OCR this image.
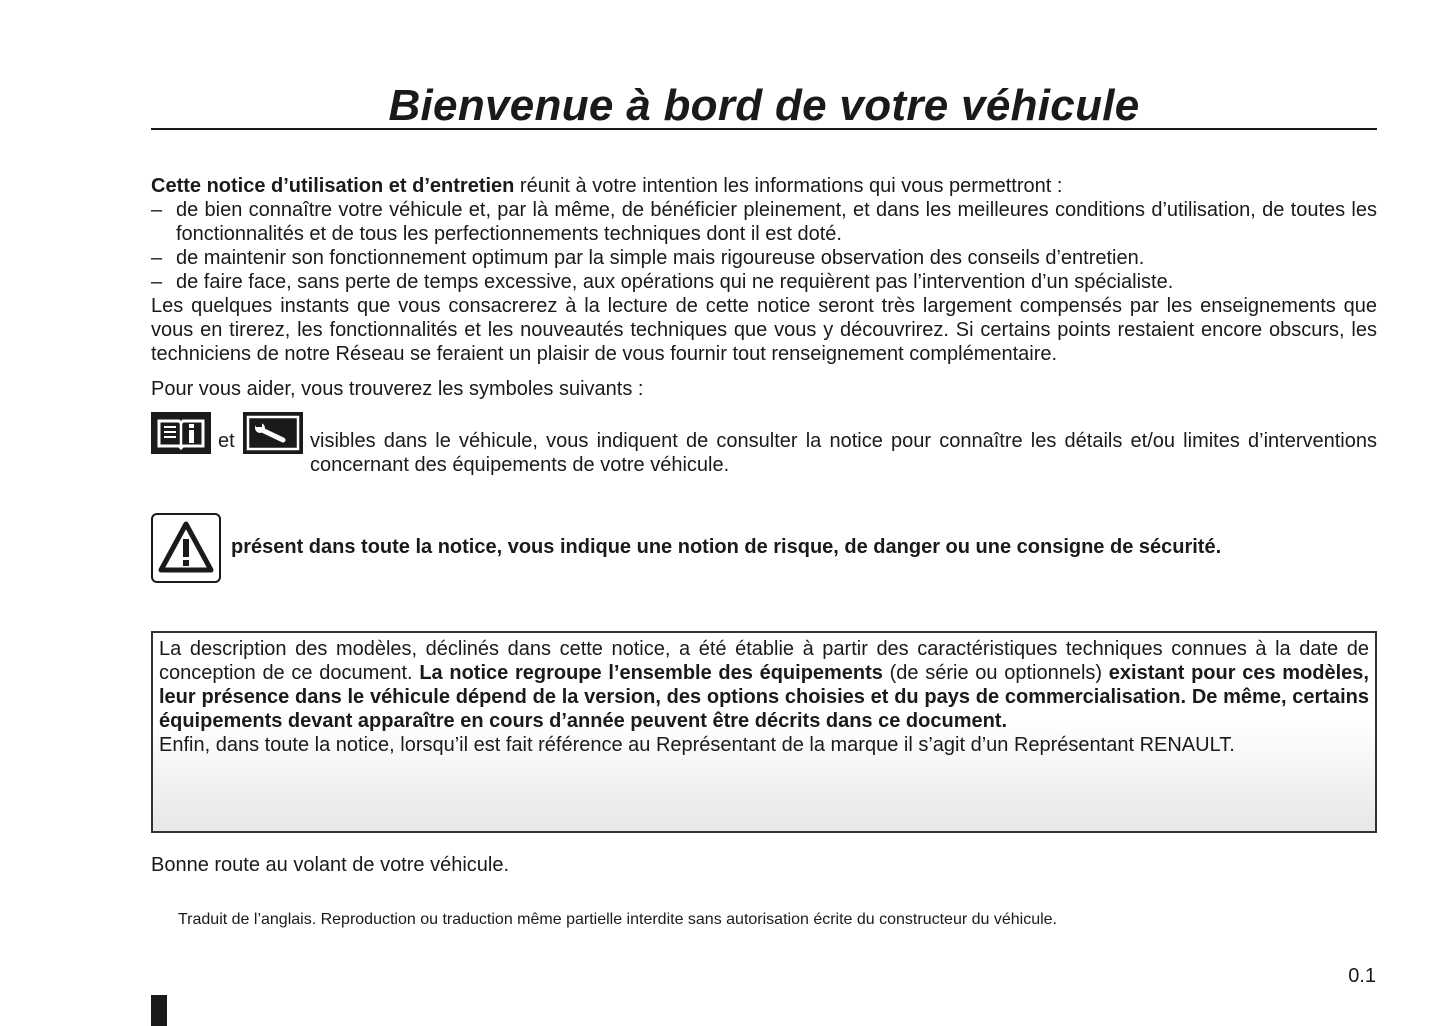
Bienvenue à bord de votre véhicule

Cette notice d’utilisation et d’entretien réunit à votre intention les informations qui vous permettront :

– de bien connaître votre véhicule et, par là même, de bénéficier pleinement, et dans les meilleures conditions d’utilisation, de toutes les fonctionnalités et de tous les perfectionnements techniques dont il est doté.
– de maintenir son fonctionnement optimum par la simple mais rigoureuse observation des conseils d’entretien.
– de faire face, sans perte de temps excessive, aux opérations qui ne requièrent pas l’intervention d’un spécialiste.

Les quelques instants que vous consacrerez à la lecture de cette notice seront très largement compensés par les enseignements que vous en tirerez, les fonctionnalités et les nouveautés techniques que vous y découvrirez. Si certains points restaient encore obscurs, les techniciens de notre Réseau se feraient un plaisir de vous fournir tout renseignement complémentaire.

Pour vous aider, vous trouverez les symboles suivants :
et	visibles dans le véhicule, vous indiquent de consulter la notice pour connaître les détails et/ou limites d’interventions concernant des équipements de votre véhicule.
présent dans toute la notice, vous indique une notion de risque, de danger ou une consigne de sécurité.

La description des modèles, déclinés dans cette notice, a été établie à partir des caractéristiques techniques connues à la date de conception de ce document. La notice regroupe l’ensemble des équipements (de série ou optionnels) existant pour ces modèles, leur présence dans le véhicule dépend de la version, des options choisies et du pays de commercialisation. De même, certains équipements devant apparaître en cours d’année peuvent être décrits dans ce document.

Enfin, dans toute la notice, lorsqu’il est fait référence au Représentant de la marque il s’agit d’un Représentant RENAULT.

Bonne route au volant de votre véhicule.
Traduit de l’anglais. Reproduction ou traduction même partielle interdite sans autorisation écrite du constructeur du véhicule.
0.1
